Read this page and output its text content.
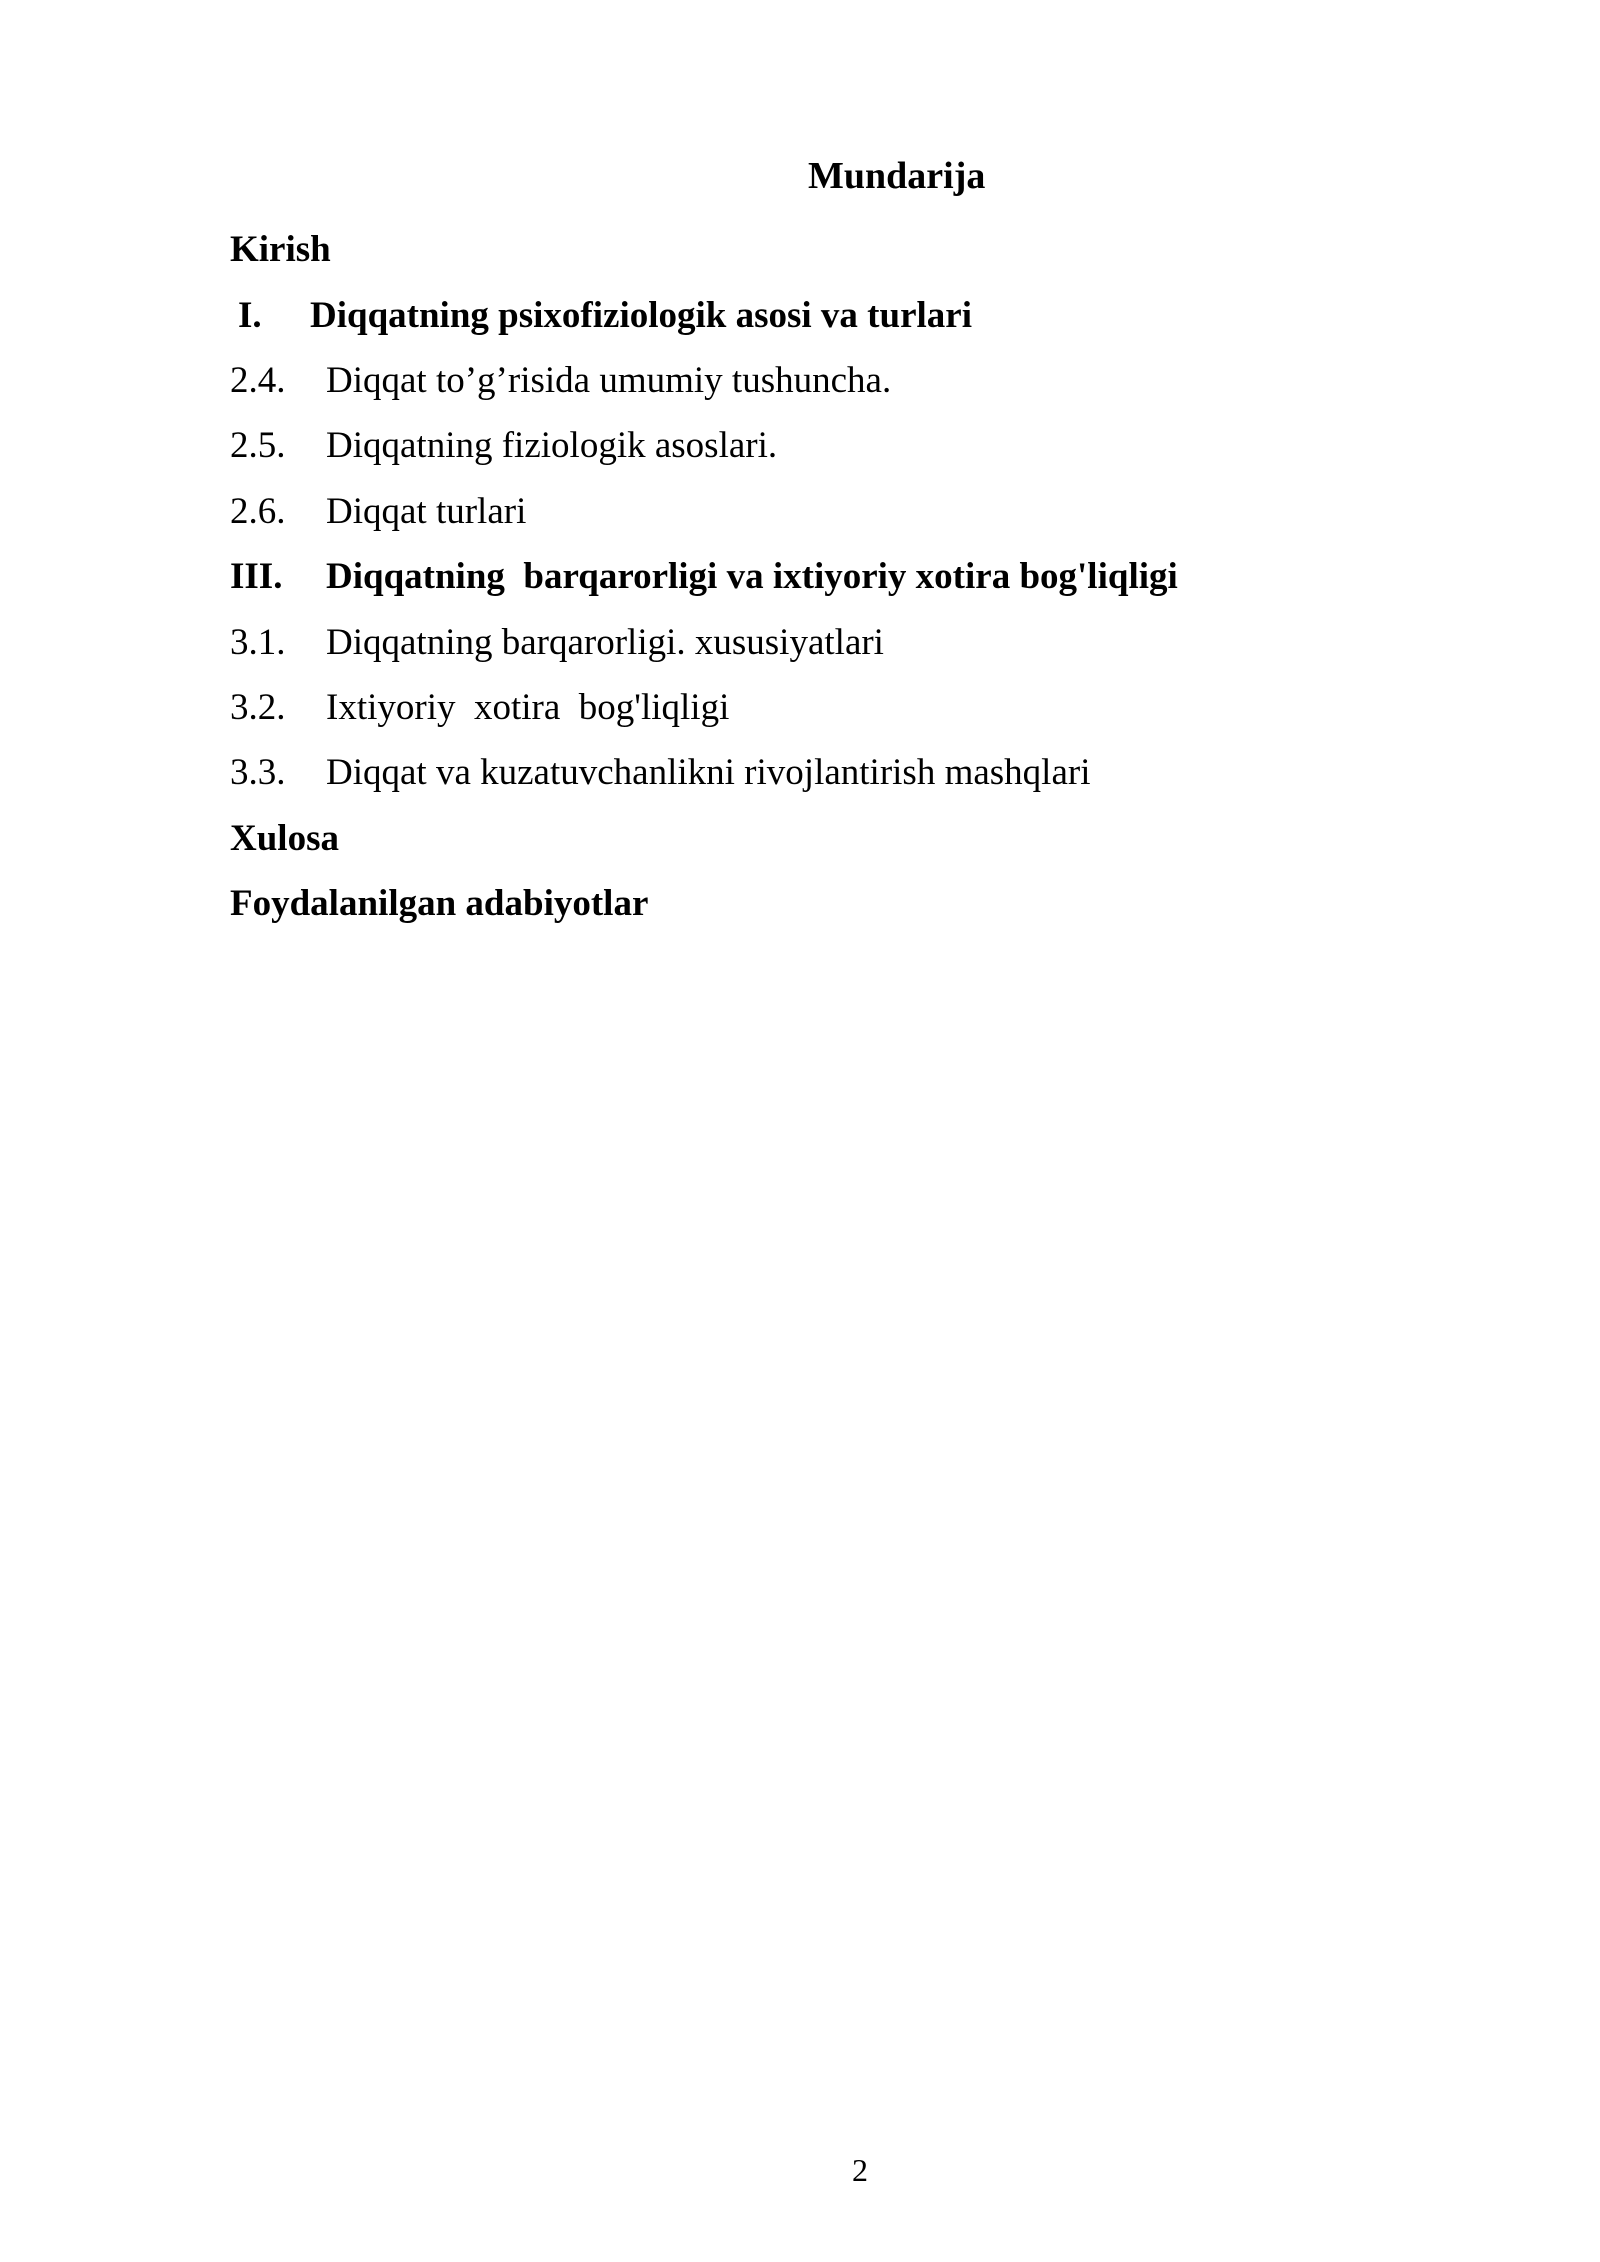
Mundarija
Kirish
I.	Diqqatning psixofiziologik asosi va turlari
2.4.	Diqqat to’g’risida umumiy tushuncha.
2.5.	Diqqatning fiziologik asoslari.
2.6.	Diqqat turlari
III.	Diqqatning  barqarorligi va ixtiyoriy xotira bog'liqligi
3.1.	Diqqatning barqarorligi. xususiyatlari
3.2.	Ixtiyoriy  xotira  bog'liqligi
3.3.	Diqqat va kuzatuvchanlikni rivojlantirish mashqlari
Xulosa
Foydalanilgan adabiyotlar
2
